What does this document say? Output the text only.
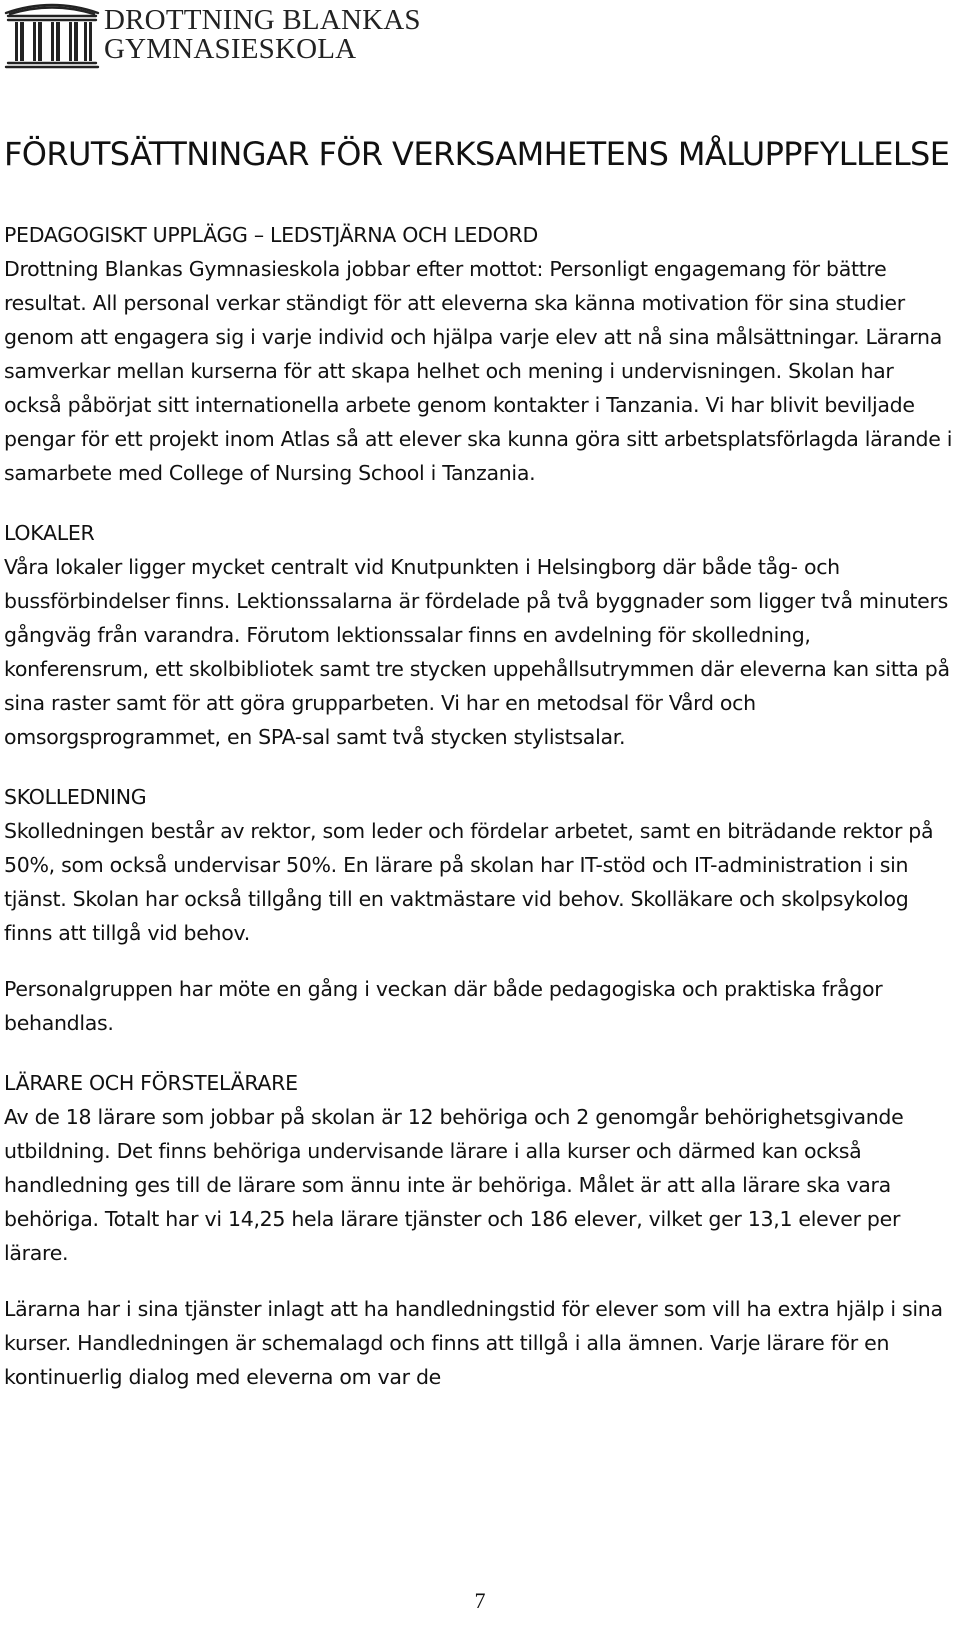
DROTTNING BLANKAS
GYMNASIESKOLA
FÖRUTSÄTTNINGAR FÖR VERKSAMHETENS MÅLUPPFYLLELSE
PEDAGOGISKT UPPLÄGG – LEDSTJÄRNA OCH LEDORD

Drottning Blankas Gymnasieskola jobbar efter mottot: Personligt engagemang för bättre resultat. All personal verkar ständigt för att eleverna ska känna motivation för sina studier genom att engagera sig i varje individ och hjälpa varje elev att nå sina målsättningar. Lärarna samverkar mellan kurserna för att skapa helhet och mening i undervisningen. Skolan har också påbörjat sitt internationella arbete genom kontakter i Tanzania. Vi har blivit beviljade pengar för ett projekt inom Atlas så att elever ska kunna göra sitt arbetsplatsförlagda lärande i samarbete med College of Nursing School i Tanzania.

LOKALER

Våra lokaler ligger mycket centralt vid Knutpunkten i Helsingborg där både tåg- och bussförbindelser finns. Lektionssalarna är fördelade på två byggnader som ligger två minuters gångväg från varandra. Förutom lektionssalar finns en avdelning för skolledning, konferensrum, ett skolbibliotek samt tre stycken uppehållsutrymmen där eleverna kan sitta på sina raster samt för att göra grupparbeten. Vi har en metodsal för Vård och omsorgsprogrammet, en SPA-sal samt två stycken stylistsalar.

SKOLLEDNING

Skolledningen består av rektor, som leder och fördelar arbetet, samt en biträdande rektor på 50%, som också undervisar 50%. En lärare på skolan har IT-stöd och IT-administration i sin tjänst. Skolan har också tillgång till en vaktmästare vid behov. Skolläkare och skolpsykolog finns att tillgå vid behov.

Personalgruppen har möte en gång i veckan där både pedagogiska och praktiska frågor behandlas.

LÄRARE OCH FÖRSTELÄRARE

Av de 18 lärare som jobbar på skolan är 12 behöriga och 2 genomgår behörighetsgivande utbildning. Det finns behöriga undervisande lärare i alla kurser och därmed kan också handledning ges till de lärare som ännu inte är behöriga. Målet är att alla lärare ska vara behöriga. Totalt har vi 14,25 hela lärare tjänster och 186 elever, vilket ger 13,1 elever per lärare.

Lärarna har i sina tjänster inlagt att ha handledningstid för elever som vill ha extra hjälp i sina kurser. Handledningen är schemalagd och finns att tillgå i alla ämnen. Varje lärare för en kontinuerlig dialog med eleverna om var de

7
